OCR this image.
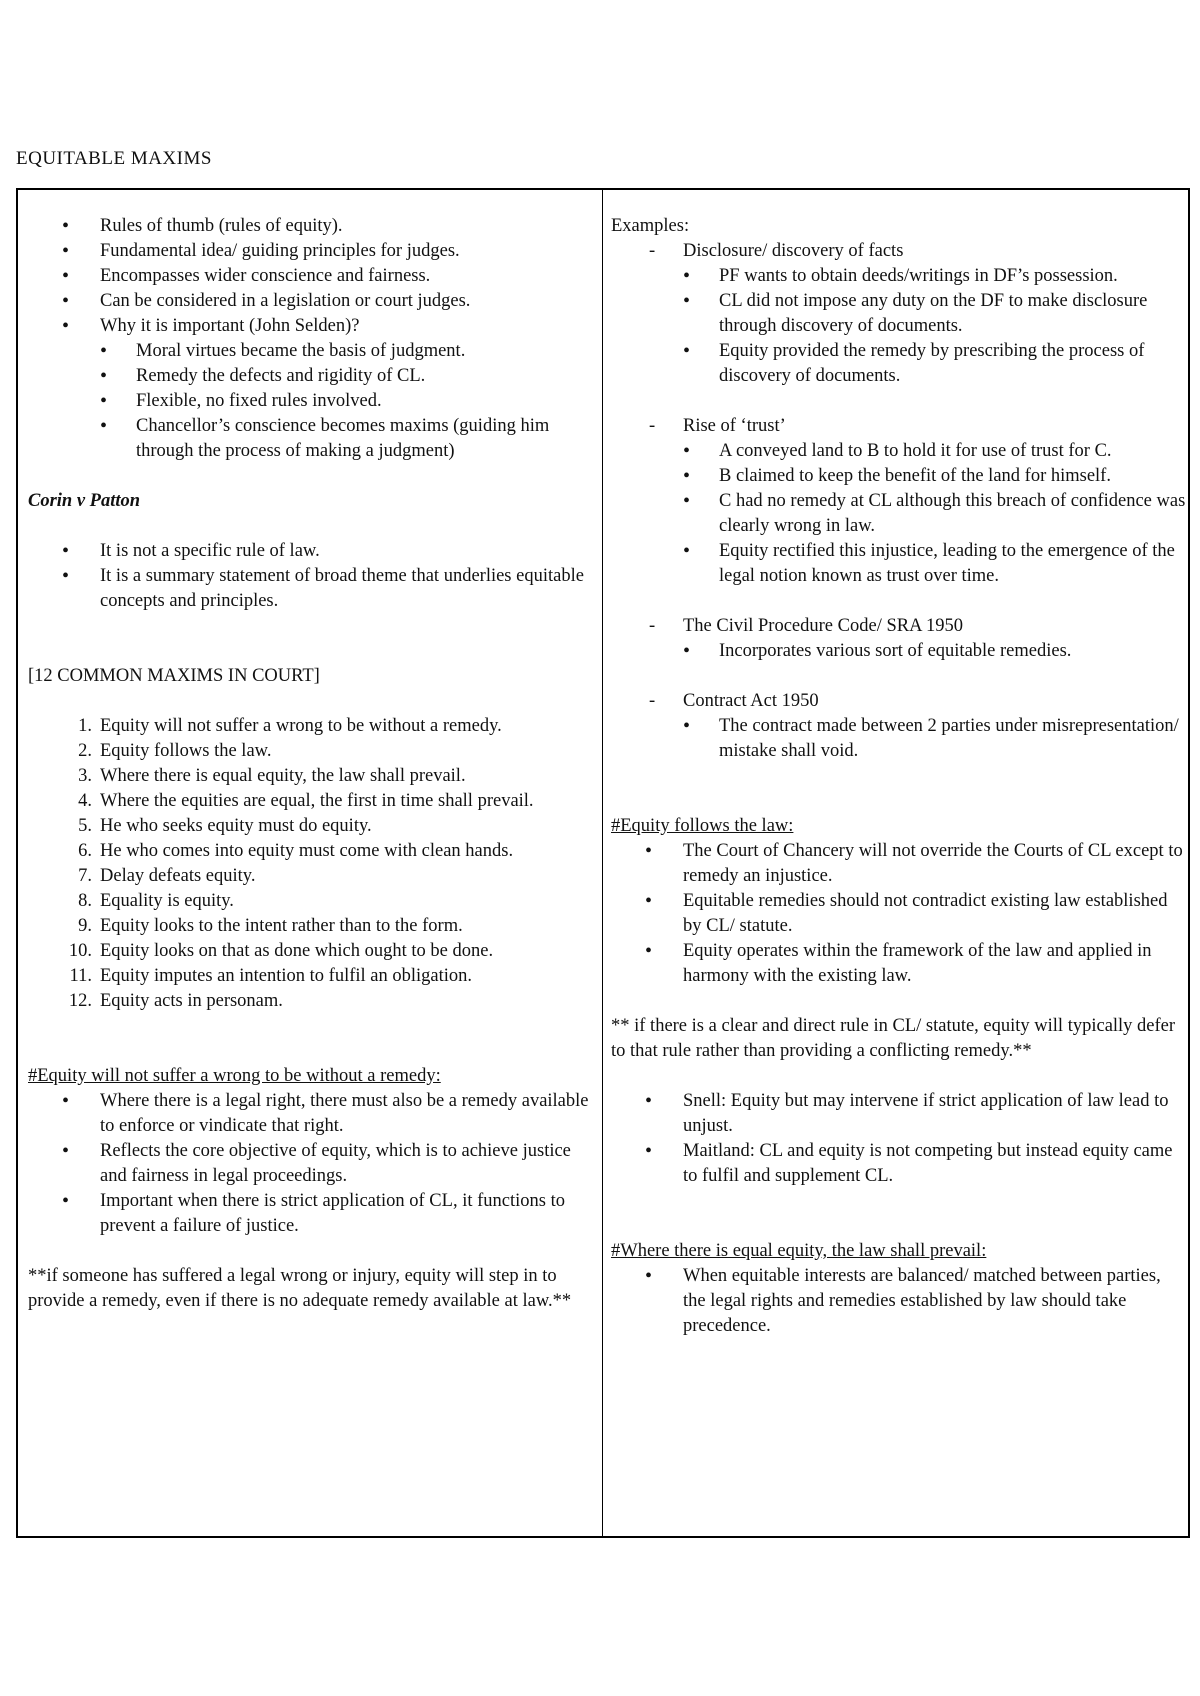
EQUITABLE MAXIMS
• Rules of thumb (rules of equity).
• Fundamental idea/ guiding principles for judges.
• Encompasses wider conscience and fairness.
• Can be considered in a legislation or court judges.
• Why it is important (John Selden)?
• Moral virtues became the basis of judgment.
• Remedy the defects and rigidity of CL.
• Flexible, no fixed rules involved.
• Chancellor’s conscience becomes maxims (guiding him through the process of making a judgment)
Corin v Patton
• It is not a specific rule of law.
• It is a summary statement of broad theme that underlies equitable concepts and principles.
[12 COMMON MAXIMS IN COURT]
1. Equity will not suffer a wrong to be without a remedy.
2. Equity follows the law.
3. Where there is equal equity, the law shall prevail.
4. Where the equities are equal, the first in time shall prevail.
5. He who seeks equity must do equity.
6. He who comes into equity must come with clean hands.
7. Delay defeats equity.
8. Equality is equity.
9. Equity looks to the intent rather than to the form.
10. Equity looks on that as done which ought to be done.
11. Equity imputes an intention to fulfil an obligation.
12. Equity acts in personam.
#Equity will not suffer a wrong to be without a remedy:
• Where there is a legal right, there must also be a remedy available to enforce or vindicate that right.
• Reflects the core objective of equity, which is to achieve justice and fairness in legal proceedings.
• Important when there is strict application of CL, it functions to prevent a failure of justice.
**if someone has suffered a legal wrong or injury, equity will step in to provide a remedy, even if there is no adequate remedy available at law.**
Examples:
- Disclosure/ discovery of facts
• PF wants to obtain deeds/writings in DF’s possession.
• CL did not impose any duty on the DF to make disclosure through discovery of documents.
• Equity provided the remedy by prescribing the process of discovery of documents.
- Rise of ‘trust’
• A conveyed land to B to hold it for use of trust for C.
• B claimed to keep the benefit of the land for himself.
• C had no remedy at CL although this breach of confidence was clearly wrong in law.
• Equity rectified this injustice, leading to the emergence of the legal notion known as trust over time.
- The Civil Procedure Code/ SRA 1950
• Incorporates various sort of equitable remedies.
- Contract Act 1950
• The contract made between 2 parties under misrepresentation/ mistake shall void.
#Equity follows the law:
• The Court of Chancery will not override the Courts of CL except to remedy an injustice.
• Equitable remedies should not contradict existing law established by CL/ statute.
• Equity operates within the framework of the law and applied in harmony with the existing law.
** if there is a clear and direct rule in CL/ statute, equity will typically defer to that rule rather than providing a conflicting remedy.**
• Snell: Equity but may intervene if strict application of law lead to unjust.
• Maitland: CL and equity is not competing but instead equity came to fulfil and supplement CL.
#Where there is equal equity, the law shall prevail:
• When equitable interests are balanced/ matched between parties, the legal rights and remedies established by law should take precedence.
